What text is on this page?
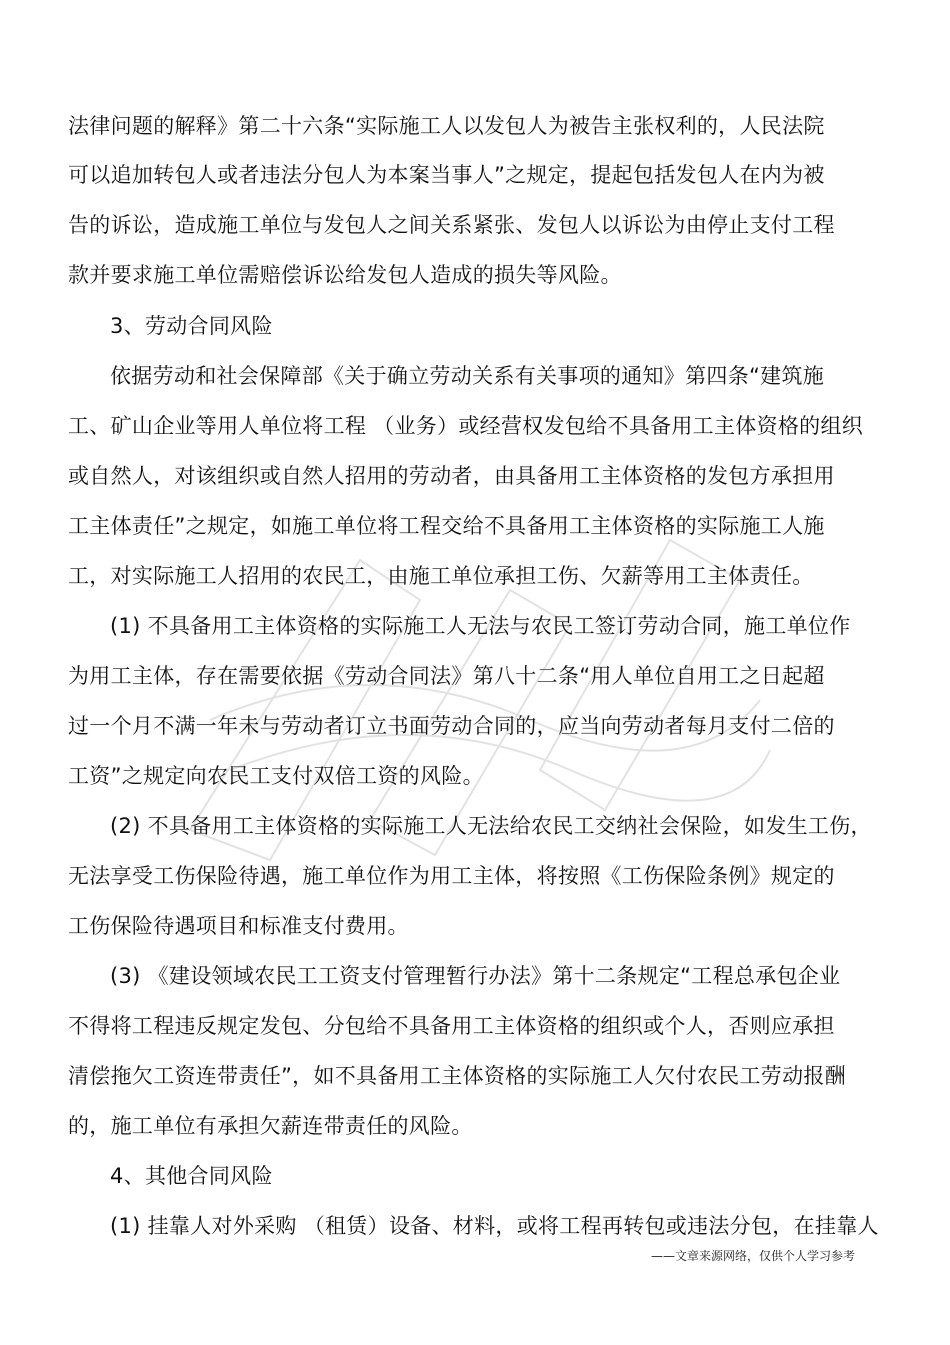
法律问题的解释》第二十六条“实际施工人以发包人为被告主张权利的，人民法院
可以追加转包人或者违法分包人为本案当事人”之规定，提起包括发包人在内为被
告的诉讼，造成施工单位与发包人之间关系紧张、发包人以诉讼为由停止支付工程
款并要求施工单位需赔偿诉讼给发包人造成的损失等风险。
3、劳动合同风险
依据劳动和社会保障部《关于确立劳动关系有关事项的通知》第四条“建筑施
工、矿山企业等用人单位将工程 （业务）或经营权发包给不具备用工主体资格的组织
或自然人，对该组织或自然人招用的劳动者，由具备用工主体资格的发包方承担用
工主体责任”之规定，如施工单位将工程交给不具备用工主体资格的实际施工人施
工，对实际施工人招用的农民工，由施工单位承担工伤、欠薪等用工主体责任。
(1) 不具备用工主体资格的实际施工人无法与农民工签订劳动合同，施工单位作
为用工主体，存在需要依据《劳动合同法》第八十二条“用人单位自用工之日起超
过一个月不满一年未与劳动者订立书面劳动合同的，应当向劳动者每月支付二倍的
工资”之规定向农民工支付双倍工资的风险。
(2) 不具备用工主体资格的实际施工人无法给农民工交纳社会保险，如发生工伤，
无法享受工伤保险待遇，施工单位作为用工主体，将按照《工伤保险条例》规定的
工伤保险待遇项目和标准支付费用。
(3) 《建设领域农民工工资支付管理暂行办法》第十二条规定“工程总承包企业
不得将工程违反规定发包、分包给不具备用工主体资格的组织或个人，否则应承担
清偿拖欠工资连带责任”，如不具备用工主体资格的实际施工人欠付农民工劳动报酬
的，施工单位有承担欠薪连带责任的风险。
4、其他合同风险
(1) 挂靠人对外采购 （租赁）设备、材料，或将工程再转包或违法分包，在挂靠人
——文章来源网络，仅供个人学习参考
